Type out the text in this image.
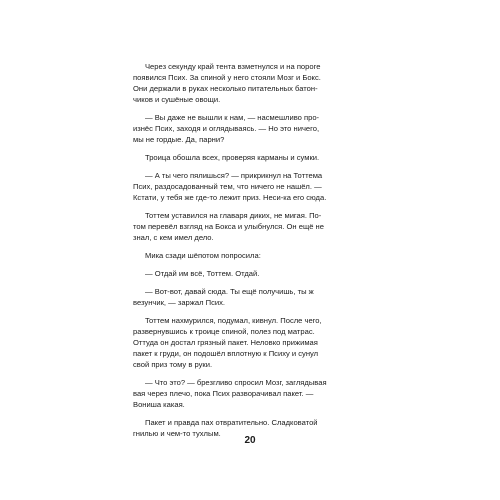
Через секунду край тента взметнулся и на пороге
появился Псих. За спиной у него стояли Мозг и Бокс.
Они держали в руках несколько питательных батон-
чиков и сушёные овощи.

— Вы даже не вышли к нам, — насмешливо про-
изнёс Псих, заходя и оглядываясь. — Но это ничего,
мы не гордые. Да, парни?

Троица обошла всех, проверяя карманы и сумки.

— А ты чего пялишься? — прикрикнул на Тоттема
Псих, раздосадованный тем, что ничего не нашёл. —
Кстати, у тебя же где-то лежит приз. Неси-ка его сюда.

Тоттем уставился на главаря диких, не мигая. По-
том перевёл взгляд на Бокса и улыбнулся. Он ещё не
знал, с кем имел дело.

Мика сзади шёпотом попросила:

— Отдай им всё, Тоттем. Отдай.

— Вот-вот, давай сюда. Ты ещё получишь, ты ж
везунчик, — заржал Псих.

Тоттем нахмурился, подумал, кивнул. После чего,
развернувшись к троице спиной, полез под матрас.
Оттуда он достал грязный пакет. Неловко прижимая
пакет к груди, он подошёл вплотную к Психу и сунул
свой приз тому в руки.

— Что это? — брезгливо спросил Мозг, заглядывая
вая через плечо, пока Псих разворачивал пакет. —
Вониша какая.

Пакет и правда пах отвратительно. Сладковатой
гнилью и чем-то тухлым.

20
